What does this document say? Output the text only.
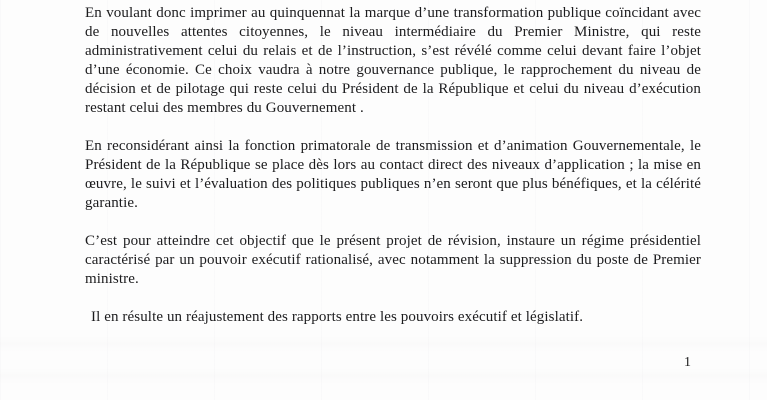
En voulant donc imprimer au quinquennat la marque d’une transformation publique coïncidant avec de nouvelles attentes citoyennes, le niveau intermédiaire du Premier Ministre, qui reste administrativement celui du relais et de l’instruction, s’est révélé comme celui devant faire l’objet d’une économie. Ce choix vaudra à notre gouvernance publique, le rapprochement du niveau de décision et de pilotage qui reste celui du Président de la République et celui du niveau d’exécution restant celui des membres du Gouvernement .

En reconsidérant ainsi la fonction primatorale de transmission et d’animation Gouvernementale, le Président de la République se place dès lors au contact direct des niveaux d’application ; la mise en œuvre, le suivi et l’évaluation des politiques publiques n’en seront que plus bénéfiques, et la célérité garantie.

C’est pour atteindre cet objectif que le présent projet de révision, instaure un régime présidentiel caractérisé par un pouvoir exécutif rationalisé, avec notamment la suppression du poste de Premier ministre.

Il en résulte un réajustement des rapports entre les pouvoirs exécutif et législatif.

1
